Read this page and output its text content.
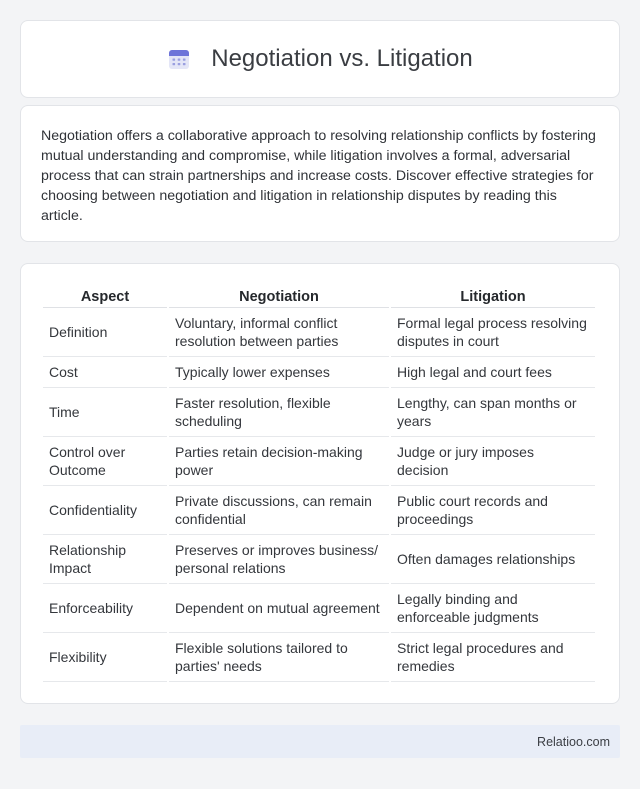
Negotiation vs. Litigation

Negotiation offers a collaborative approach to resolving relationship conflicts by fostering mutual understanding and compromise, while litigation involves a formal, adversarial process that can strain partnerships and increase costs. Discover effective strategies for choosing between negotiation and litigation in relationship disputes by reading this article.

Aspect	Negotiation	Litigation
Definition	Voluntary, informal conflict resolution between parties	Formal legal process resolving disputes in court
Cost	Typically lower expenses	High legal and court fees
Time	Faster resolution, flexible scheduling	Lengthy, can span months or years
Control over Outcome	Parties retain decision-making power	Judge or jury imposes decision
Confidentiality	Private discussions, can remain confidential	Public court records and proceedings
Relationship Impact	Preserves or improves business/ personal relations	Often damages relationships
Enforceability	Dependent on mutual agreement	Legally binding and enforceable judgments
Flexibility	Flexible solutions tailored to parties' needs	Strict legal procedures and remedies
Relatioo.com
